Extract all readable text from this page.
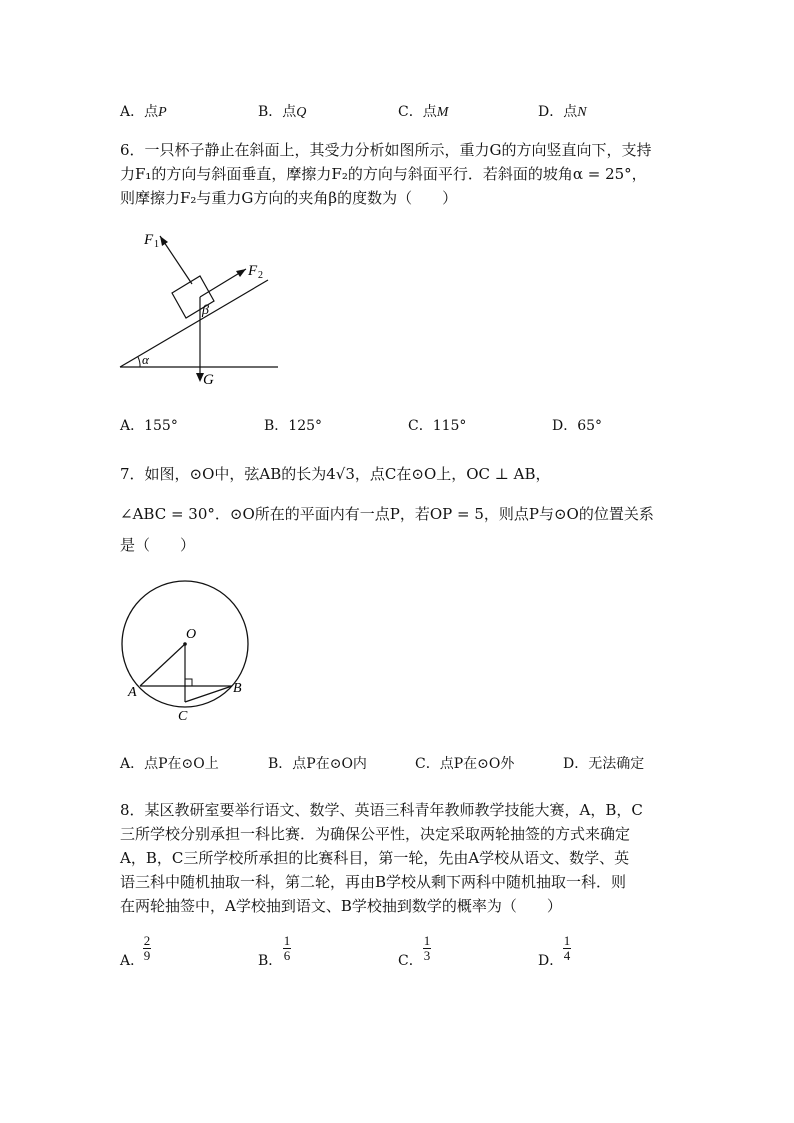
A．点P	B．点Q	C．点M	D．点N
6．一只杯子静止在斜面上，其受力分析如图所示，重力G的方向竖直向下，支持
力F₁的方向与斜面垂直，摩擦力F₂的方向与斜面平行．若斜面的坡角α = 25°，
则摩擦力F₂与重力G方向的夹角β的度数为（　　）
F 1
F 2
β
α
G
A．155°	B．125°	C．115°	D．65°
7．如图，⊙O中，弦AB的长为4√3，点C在⊙O上，OC ⊥ AB，
∠ABC = 30°．⊙O所在的平面内有一点P，若OP = 5，则点P与⊙O的位置关系
是（　　）
O
A	B
C
A．点P在⊙O上	B．点P在⊙O内	C．点P在⊙O外	D．无法确定
8．某区教研室要举行语文、数学、英语三科青年教师教学技能大赛，A，B，C
三所学校分别承担一科比赛．为确保公平性，决定采取两轮抽签的方式来确定
A，B，C三所学校所承担的比赛科目，第一轮，先由A学校从语文、数学、英
语三科中随机抽取一科，第二轮，再由B学校从剩下两科中随机抽取一科．则
在两轮抽签中，A学校抽到语文、B学校抽到数学的概率为（　　）
A．
2
9	B．
1
6	C．
1
3	D．
1
4
